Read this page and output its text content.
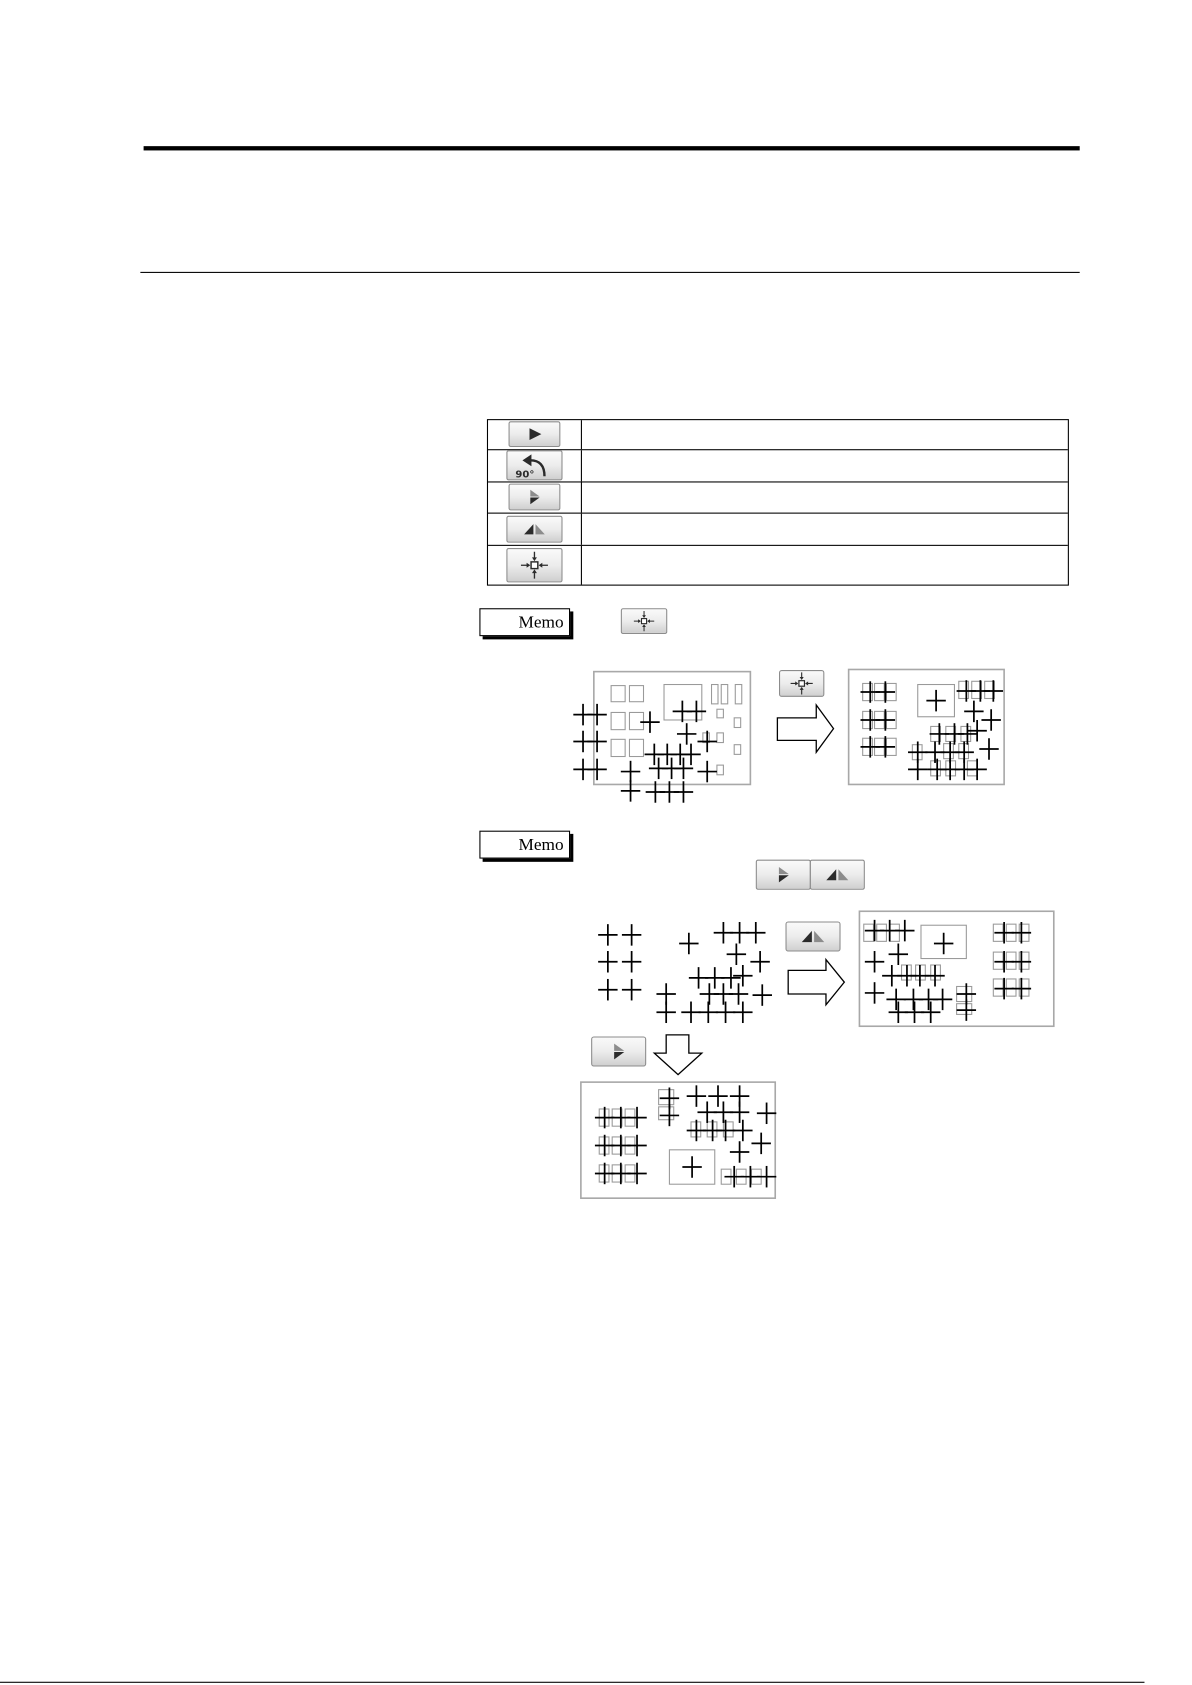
90°
Memo
Memo
